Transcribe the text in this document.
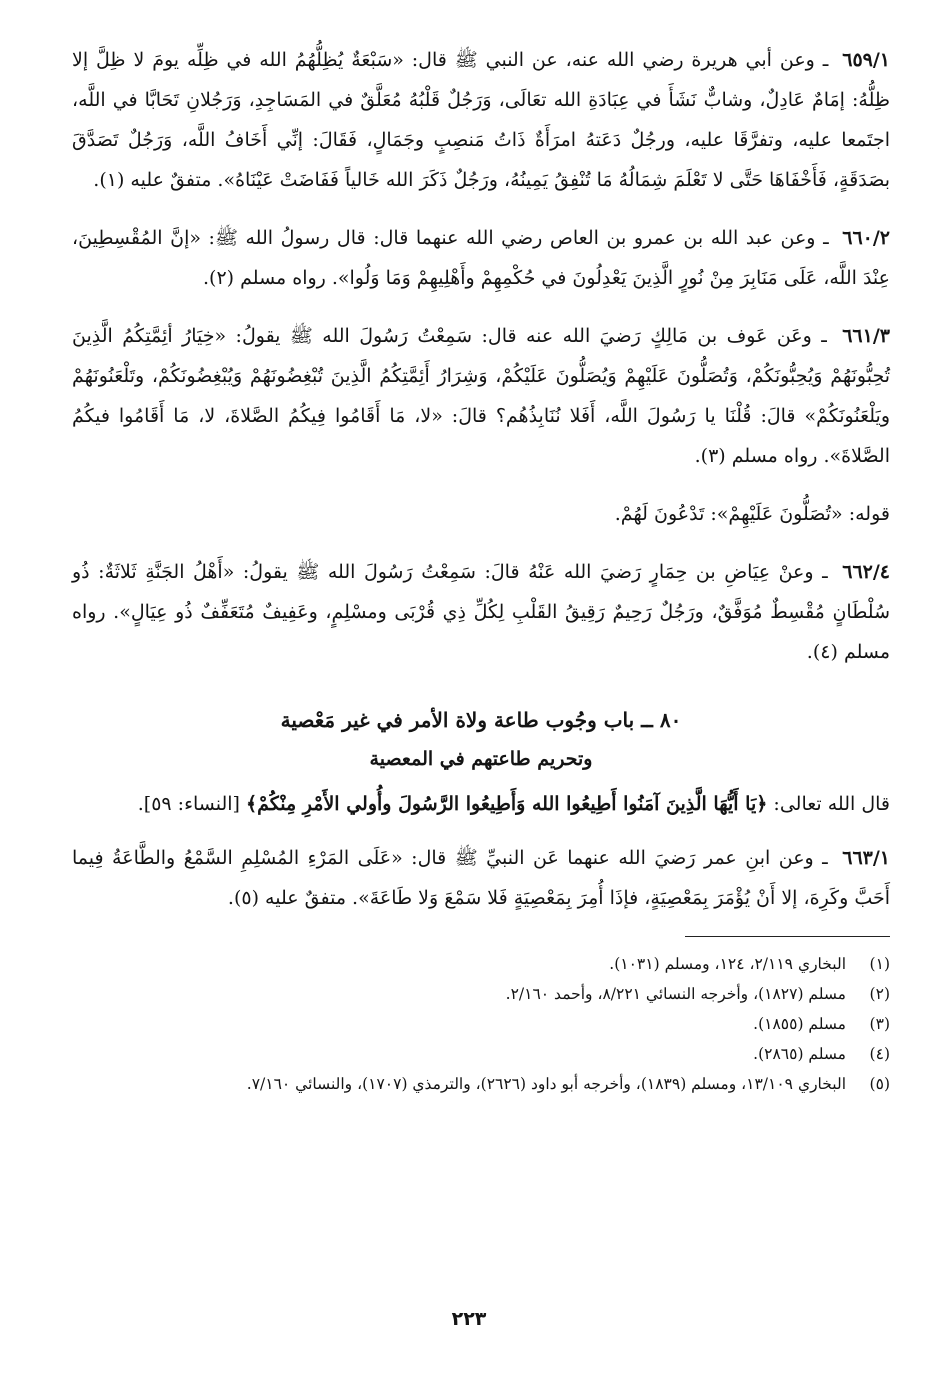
٦٥٩/١ ـ وعن أبي هريرة رضي الله عنه، عن النبي ﷺ قال: «سَبْعَةٌ يُظِلُّهُمُ الله في ظِلِّه يومَ لا ظِلَّ إلا ظِلُّهُ: إمَامٌ عَادِلٌ، وشابٌّ نَشَأَ في عِبَادَةِ الله تعَالَى، وَرَجُلٌ قَلْبُهُ مُعَلَّقٌ في المَسَاجِدِ، وَرَجُلانِ تَحَابَّا في اللَّه، اجتَمعا عليه، وتفرَّقَا عليه، ورجُلٌ دَعَتهُ امرَأَةٌ ذَاتُ مَنصِبٍ وجَمَالٍ، فَقَالَ: إنِّي أَخَافُ اللَّه، وَرَجُلٌ تَصَدَّقَ بصَدَقَةٍ، فَأَخْفَاهَا حَتَّى لا تَعْلَمَ شِمَالُهُ مَا تُنْفِقُ يَمِينُهُ، ورَجُلٌ ذَكَرَ الله خَالياً فَفَاضَتْ عَيْنَاهُ». متفقٌ عليه (١).

٦٦٠/٢ ـ وعن عبد الله بن عمرو بن العاص رضي الله عنهما قال: قال رسولُ الله ﷺ: «إنَّ المُقْسِطِينَ، عِنْدَ اللَّه، عَلَى مَنَابِرَ مِنْ نُورٍ الَّذِينَ يَعْدِلُونَ في حُكْمِهِمْ وأَهْلِيهِمْ وَمَا وَلُوا». رواه مسلم (٢).

٦٦١/٣ ـ وعَن عَوف بن مَالِكٍ رَضيَ الله عنه قال: سَمِعْتُ رَسُولَ الله ﷺ يقولُ: «خِيَارُ أئِمَّتِكُمُ الَّذِينَ تُحِبُّونَهُمْ وَيُحِبُّونَكُمْ، وَتُصَلُّونَ عَلَيْهِمْ وَيُصَلُّونَ عَلَيْكُمْ، وَشِرَارُ أَئِمَّتِكُمُ الَّذِينَ تُبْغِضُونَهُمْ وَيُبْغِضُونَكُمْ، وتَلْعَنُونَهُمْ ويَلْعَنُونَكُمْ» قالَ: قُلْنَا يا رَسُولَ اللَّه، أَفَلا نُنَابِذُهُم؟ قالَ: «لا، مَا أَقَامُوا فِيكُمُ الصَّلاةَ، لا، مَا أَقَامُوا فيكُمُ الصَّلاةَ». رواه مسلم (٣).

قوله: «تُصَلُّونَ عَلَيْهِمْ»: تَدْعُونَ لَهُمْ.

٦٦٢/٤ ـ وعنْ عِيَاضِ بن حِمَارٍ رَضيَ الله عَنْهُ قالَ: سَمِعْتُ رَسُولَ الله ﷺ يقولُ: «أَهْلُ الجَنَّةِ ثَلاثَةٌ: ذُو سُلْطَانٍ مُقْسِطٌ مُوَفَّقٌ، ورَجُلٌ رَحِيمٌ رَقِيقُ القَلْبِ لِكُلِّ ذِي قُرْبَى ومسْلِمٍ، وعَفِيفٌ مُتَعَفِّفٌ ذُو عِيَالٍ». رواه مسلم (٤).

٨٠ ــ باب وجُوب طاعة ولاة الأمر في غير مَعْصية
وتحريم طاعتهم في المعصية

قال الله تعالى: ﴿يَا أَيُّهَا الَّذِينَ آمَنُوا أَطِيعُوا الله وَأَطِيعُوا الرَّسُولَ وأُولي الأَمْرِ مِنْكُمْ﴾ [النساء: ٥٩].

٦٦٣/١ ـ وعن ابنِ عمر رَضيَ الله عنهما عَن النبيِّ ﷺ قال: «عَلَى المَرْءِ المُسْلِمِ السَّمْعُ والطَّاعَةُ فِيما أَحَبَّ وكَرِهَ، إلا أَنْ يُؤْمَرَ بِمَعْصِيَةٍ، فإذَا أُمِرَ بِمَعْصِيَةٍ فَلا سَمْعَ وَلا طَاعَةَ». متفقٌ عليه (٥).

(١)
البخاري ٢/١١٩، ١٢٤، ومسلم (١٠٣١).
(٢)
مسلم (١٨٢٧)، وأخرجه النسائي ٨/٢٢١، وأحمد ٢/١٦٠.
(٣)
مسلم (١٨٥٥).
(٤)
مسلم (٢٨٦٥).
(٥)
البخاري ١٣/١٠٩، ومسلم (١٨٣٩)، وأخرجه أبو داود (٢٦٢٦)، والترمذي (١٧٠٧)، والنسائي ٧/١٦٠.
٢٢٣
